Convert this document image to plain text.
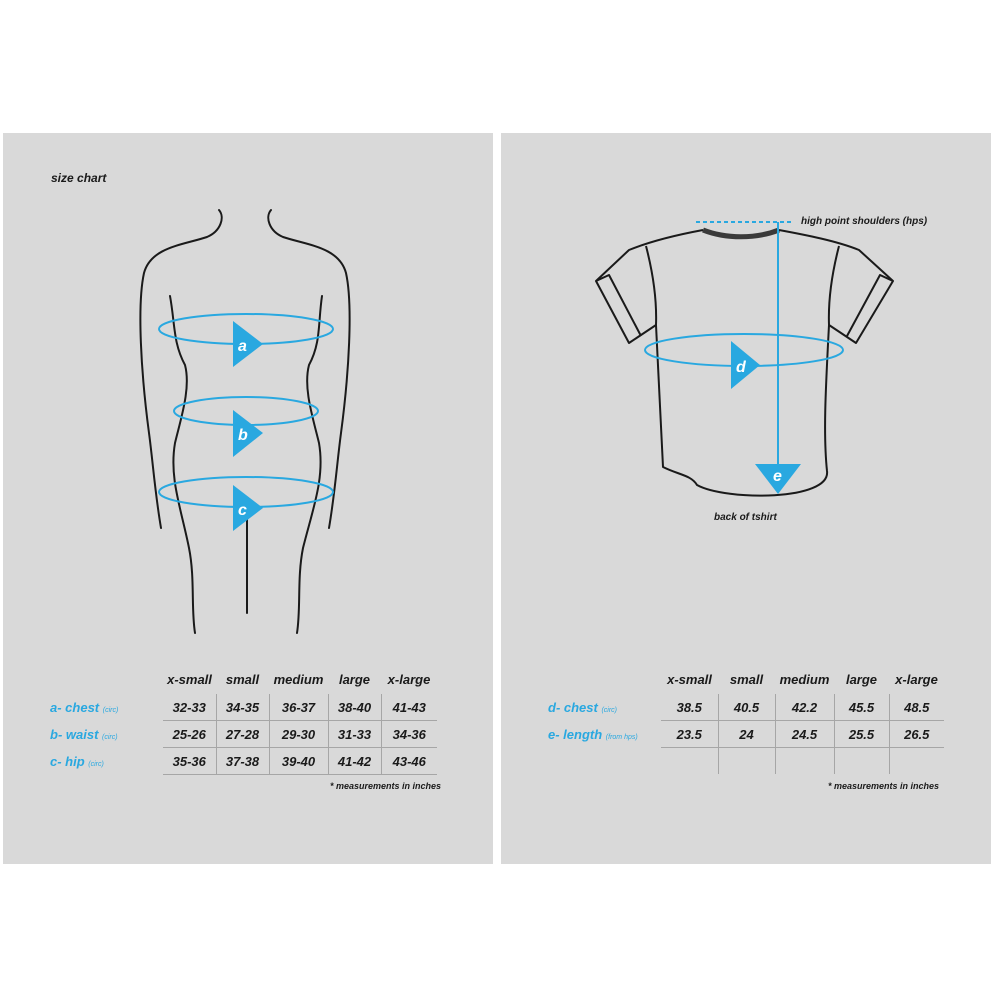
size chart
a
b
c
	x-small	small	medium	large	x-large
a- chest (circ)	32-33	34-35	36-37	38-40	41-43
b- waist (circ)	25-26	27-28	29-30	31-33	34-36
c- hip (circ)	35-36	37-38	39-40	41-42	43-46
* measurements in inches
d
e
high point shoulders (hps)
back of tshirt
	x-small	small	medium	large	x-large
d- chest (circ)	38.5	40.5	42.2	45.5	48.5
e- length (from hps)	23.5	24	24.5	25.5	26.5

* measurements in inches
